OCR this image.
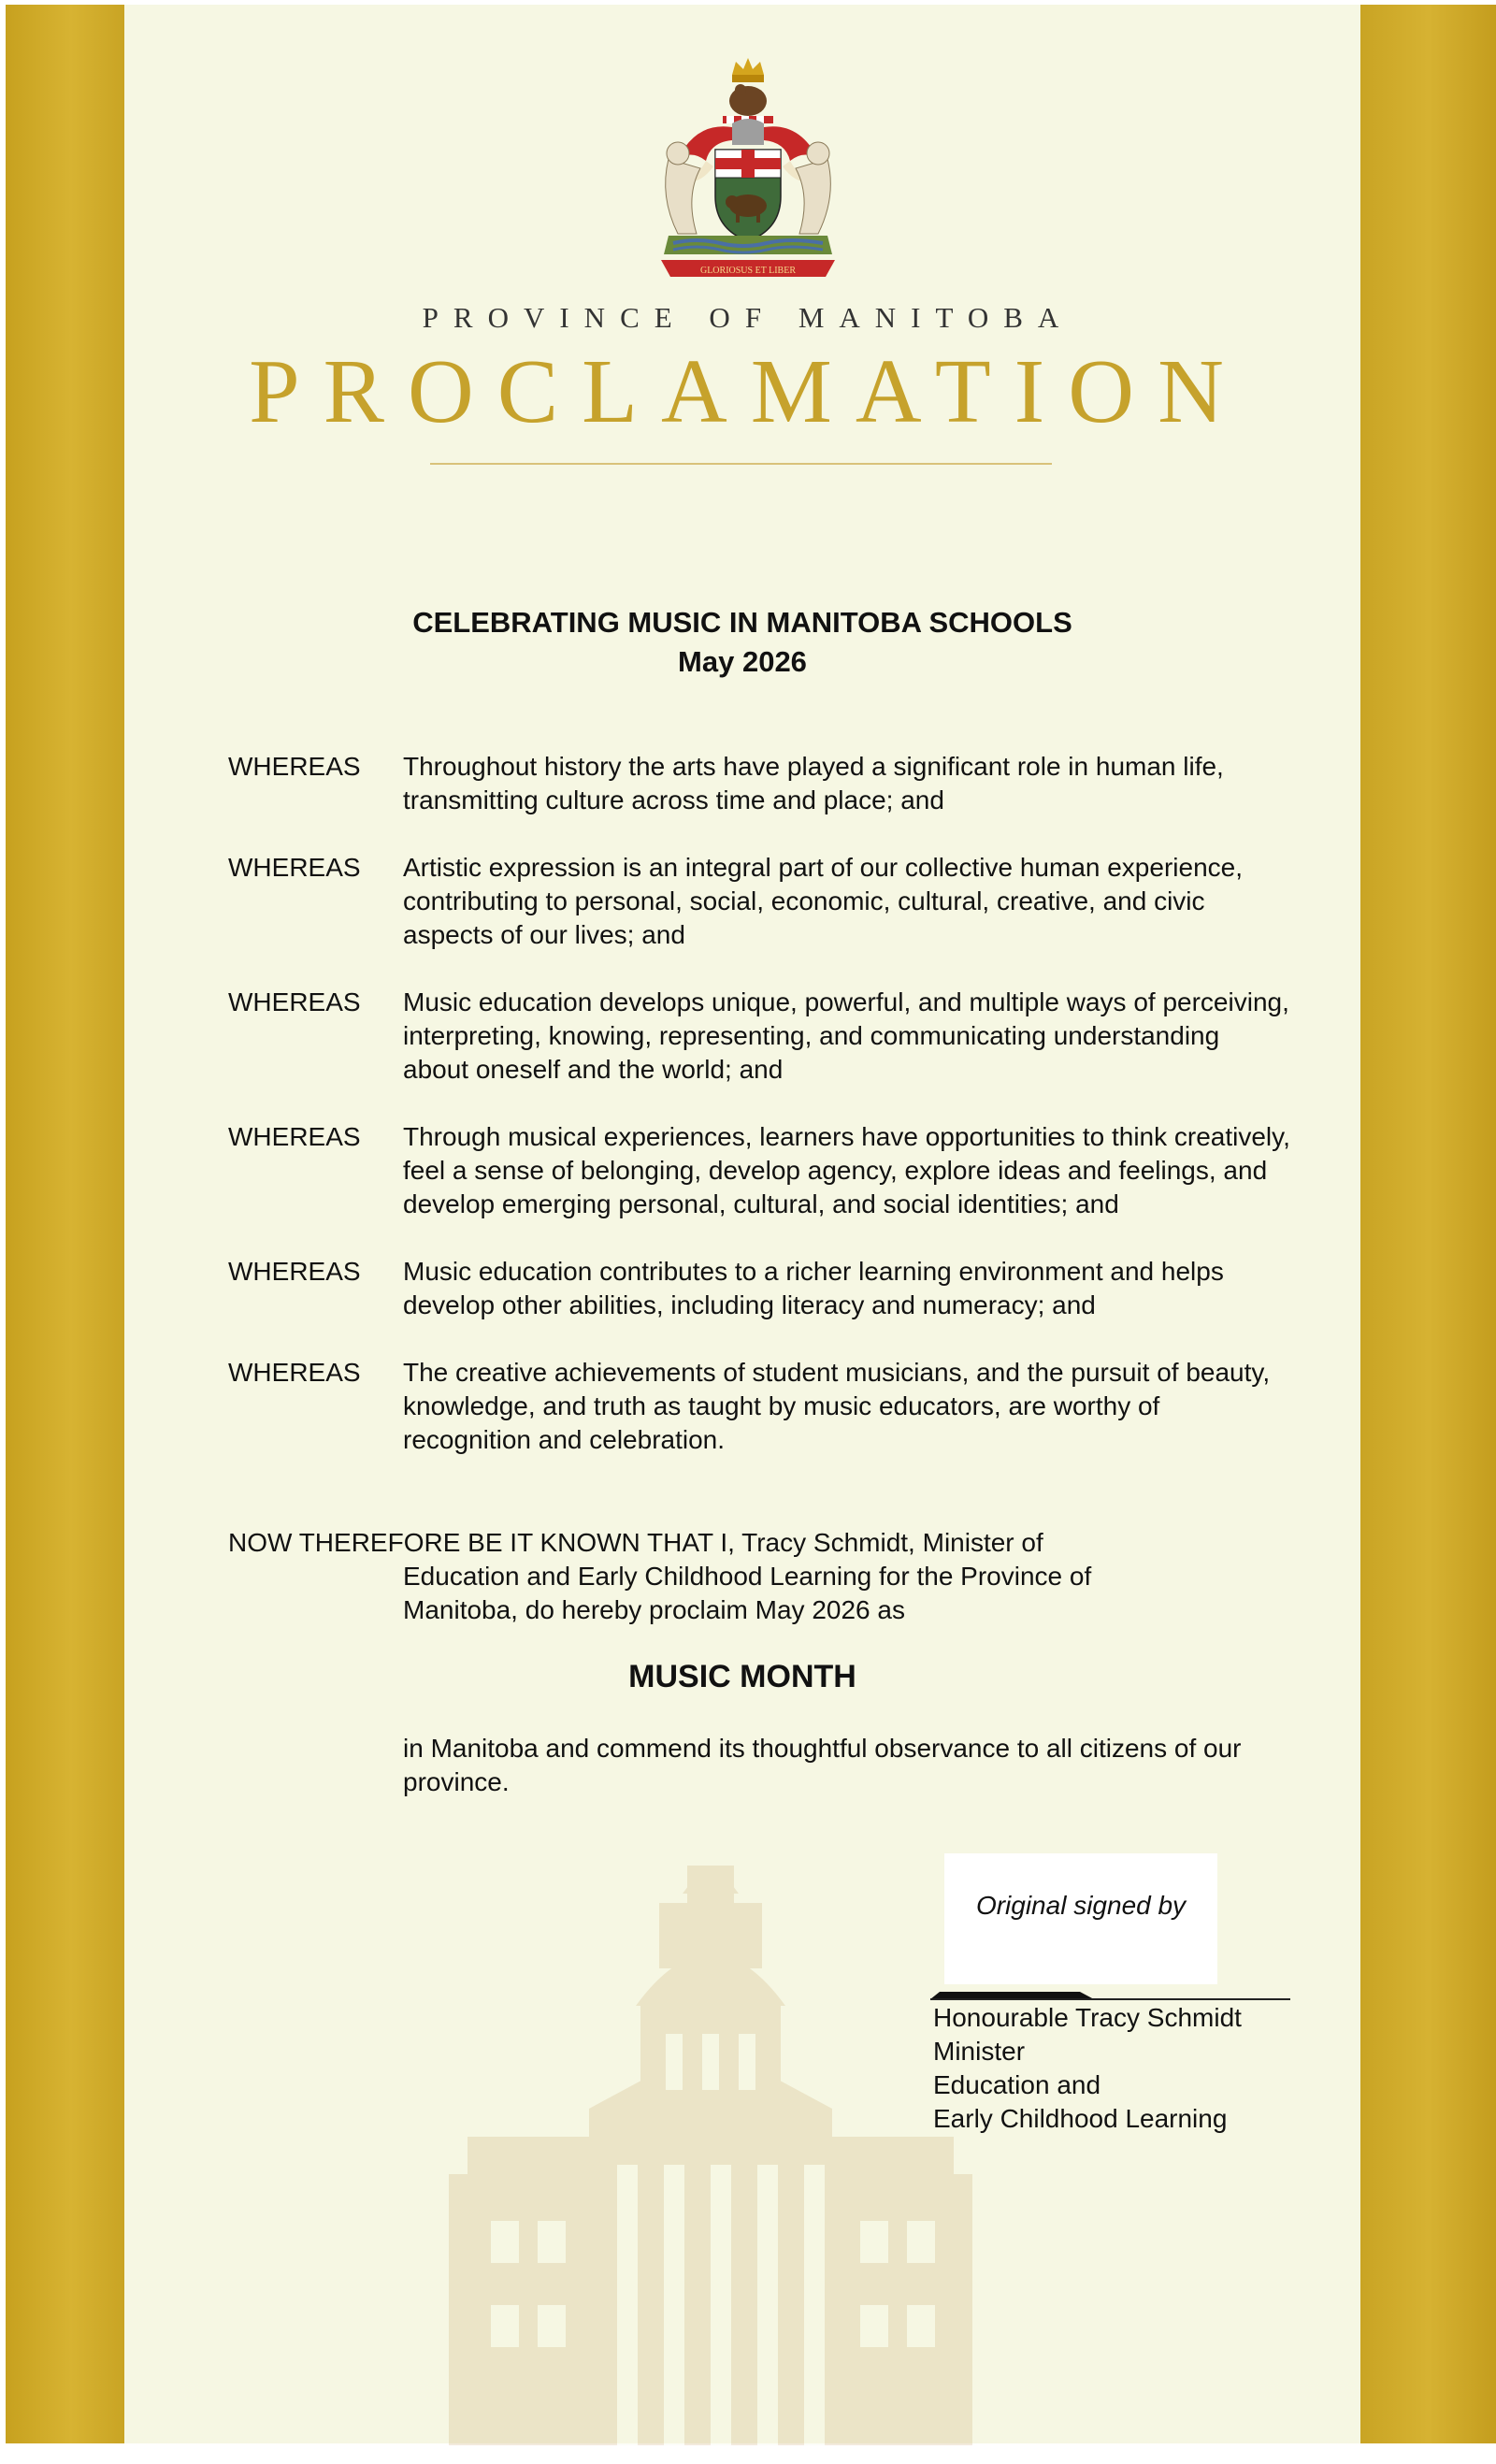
GLORIOSUS ET LIBER
PROVINCE OF MANITOBA
PROCLAMATION
CELEBRATING MUSIC IN MANITOBA SCHOOLS
May 2026
WHEREAS	Throughout history the arts have played a significant role in human life, transmitting culture across time and place; and
WHEREAS	Artistic expression is an integral part of our collective human experience, contributing to personal, social, economic, cultural, creative, and civic aspects of our lives; and
WHEREAS	Music education develops unique, powerful, and multiple ways of perceiving, interpreting, knowing, representing, and communicating understanding about oneself and the world; and
WHEREAS	Through musical experiences, learners have opportunities to think creatively, feel a sense of belonging, develop agency, explore ideas and feelings, and develop emerging personal, cultural, and social identities; and
WHEREAS	Music education contributes to a richer learning environment and helps develop other abilities, including literacy and numeracy; and
WHEREAS	The creative achievements of student musicians, and the pursuit of beauty, knowledge, and truth as taught by music educators, are worthy of recognition and celebration.
NOW THEREFORE BE IT KNOWN THAT I, Tracy Schmidt, Minister of
Education and Early Childhood Learning for the Province of
Manitoba, do hereby proclaim May 2026 as
MUSIC MONTH
in Manitoba and commend its thoughtful observance to all citizens of our province.
Original signed by
Honourable Tracy Schmidt
Minister
Education and
Early Childhood Learning
